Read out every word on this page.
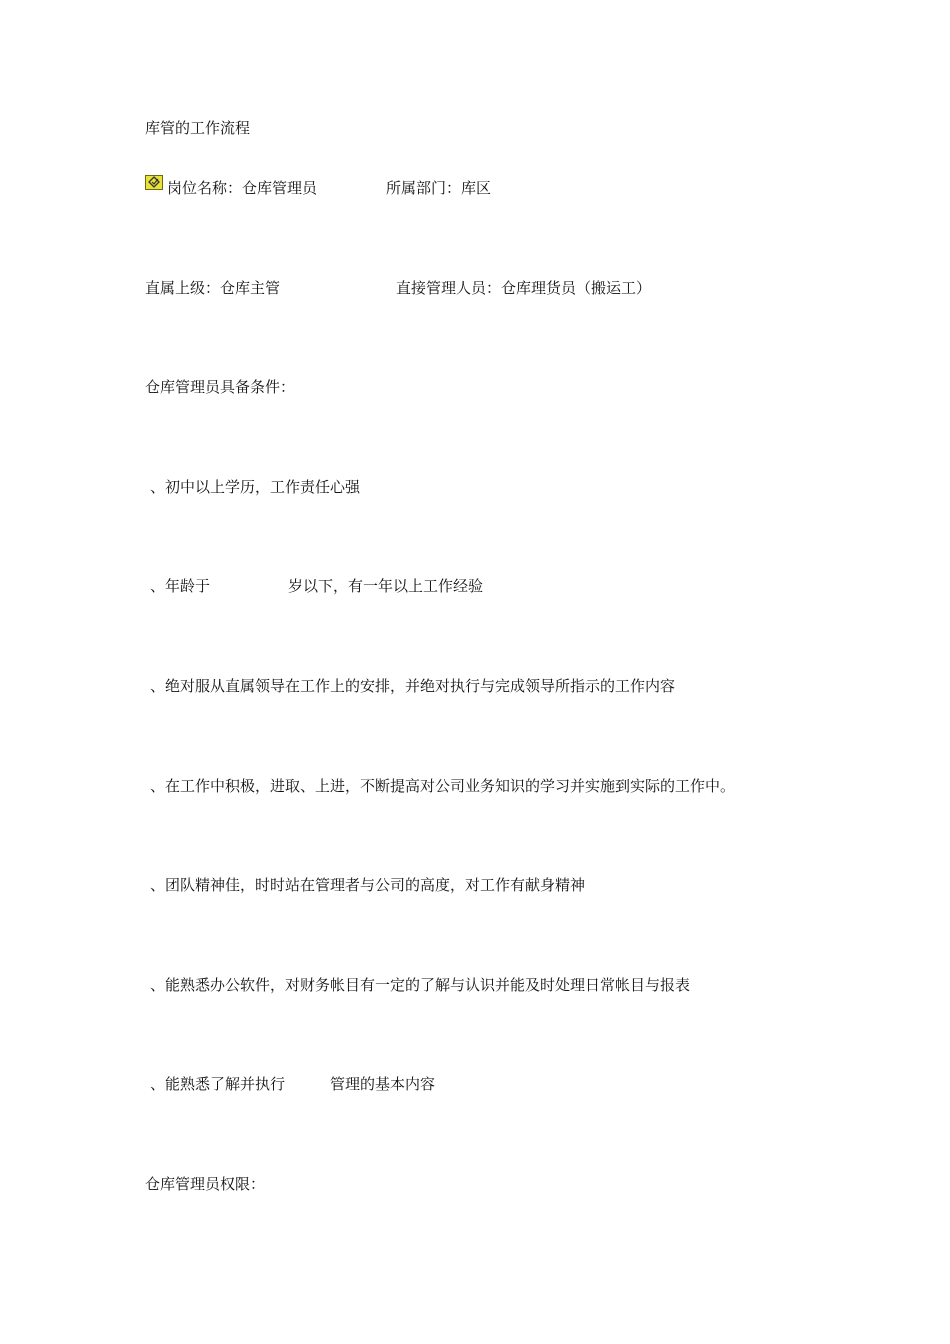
库管的工作流程
岗位名称：仓库管理员	所属部门：库区
直属上级：仓库主管	直接管理人员：仓库理货员（搬运工）
仓库管理员具备条件：
、初中以上学历，工作责任心强
、年龄于	岁以下，有一年以上工作经验
、绝对服从直属领导在工作上的安排，并绝对执行与完成领导所指示的工作内容
、在工作中积极，进取、上进，不断提高对公司业务知识的学习并实施到实际的工作中。
、团队精神佳，时时站在管理者与公司的高度，对工作有献身精神
、能熟悉办公软件，对财务帐目有一定的了解与认识并能及时处理日常帐目与报表
、能熟悉了解并执行	管理的基本内容
仓库管理员权限：
